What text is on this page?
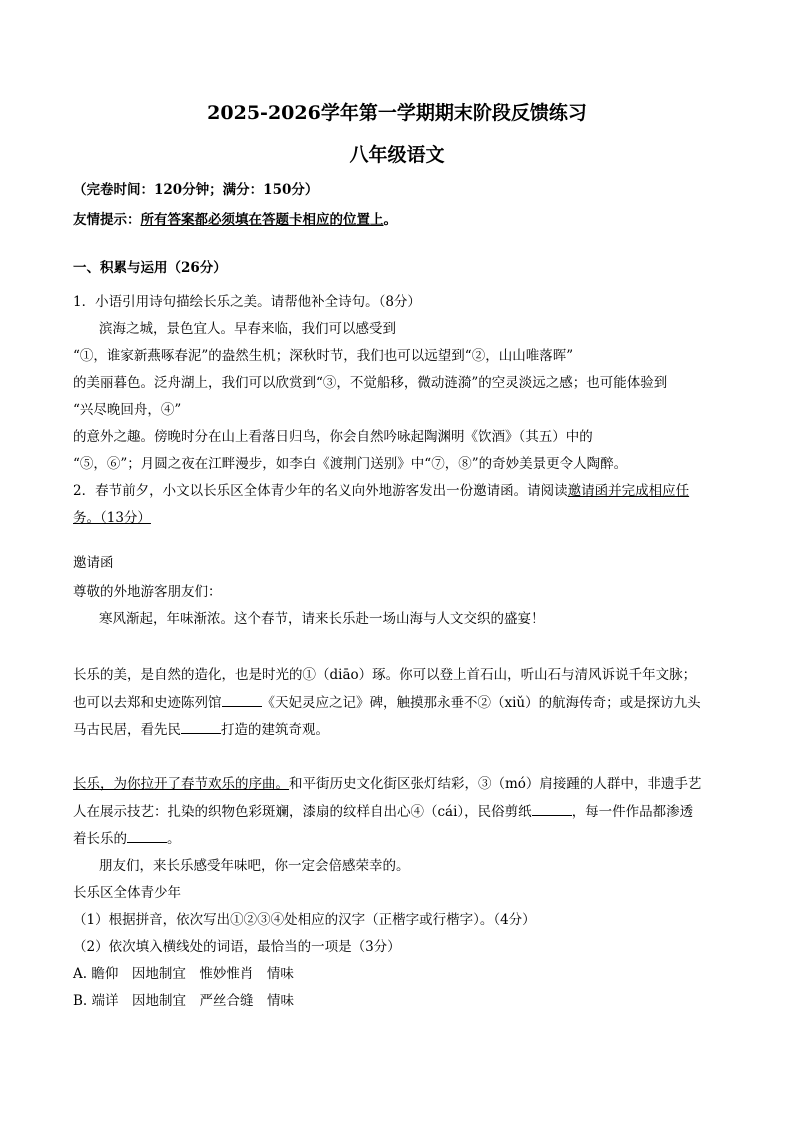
2025-2026学年第一学期期末阶段反馈练习
八年级语文
（完卷时间：120分钟；满分：150分）
友情提示：所有答案都必须填在答题卡相应的位置上。
一、积累与运用（26分）
1．小语引用诗句描绘长乐之美。请帮他补全诗句。（8分）
滨海之城，景色宜人。早春来临，我们可以感受到
“①，谁家新燕啄春泥”的盎然生机；深秋时节，我们也可以远望到“②，山山唯落晖”
的美丽暮色。泛舟湖上，我们可以欣赏到“③，不觉船移，微动涟漪”的空灵淡远之感；也可能体验到
“兴尽晚回舟，④”
的意外之趣。傍晚时分在山上看落日归鸟，你会自然吟咏起陶渊明《饮酒》（其五）中的
“⑤，⑥”；月圆之夜在江畔漫步，如李白《渡荆门送别》中“⑦，⑧”的奇妙美景更令人陶醉。
2．春节前夕，小文以长乐区全体青少年的名义向外地游客发出一份邀请函。请阅读邀请函并完成相应任
务。（13分）
邀请函
尊敬的外地游客朋友们：
寒风渐起，年味渐浓。这个春节，请来长乐赴一场山海与人文交织的盛宴！
长乐的美，是自然的造化，也是时光的①（diāo）琢。你可以登上首石山，听山石与清风诉说千年文脉；
也可以去郑和史迹陈列馆	《天妃灵应之记》碑，触摸那永垂不②（xiǔ）的航海传奇；或是探访九头
马古民居，看先民	打造的建筑奇观。
长乐，为你拉开了春节欢乐的序曲。和平街历史文化街区张灯结彩，③（mó）肩接踵的人群中，非遗手艺
人在展示技艺：扎染的织物色彩斑斓，漆扇的纹样自出心④（cái），民俗剪纸	，每一件作品都渗透
着长乐的	。
朋友们，来长乐感受年味吧，你一定会倍感荣幸的。
长乐区全体青少年
（1）根据拼音，依次写出①②③④处相应的汉字（正楷字或行楷字）。（4分）
（2）依次填入横线处的词语，最恰当的一项是（3分）
A. 瞻仰　因地制宜　惟妙惟肖　情味
B. 端详　因地制宜　严丝合缝　情味
